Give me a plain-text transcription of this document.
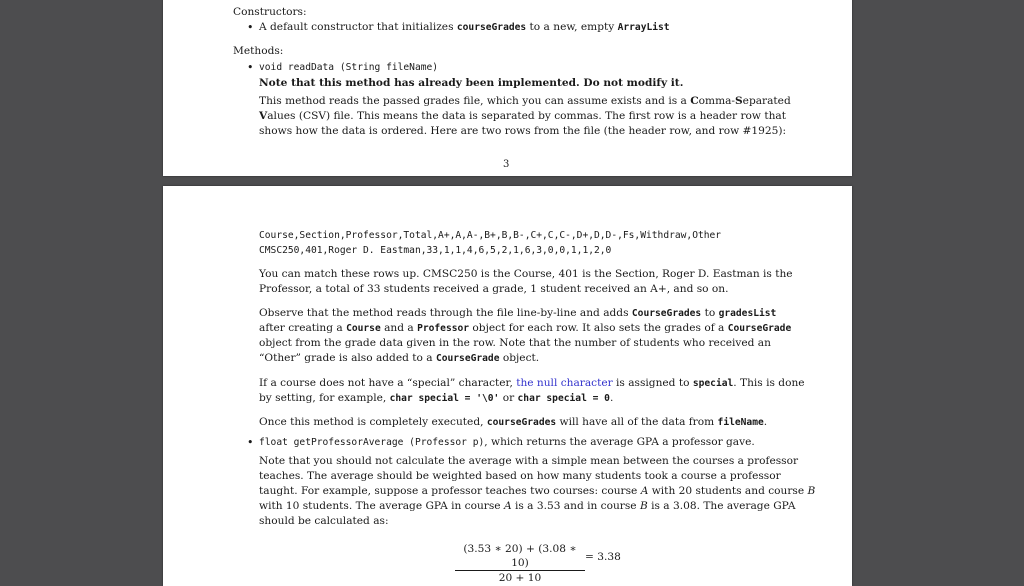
Constructors:
• A default constructor that initializes courseGrades to a new, empty ArrayList
Methods:
• void readData (String fileName)
Note that this method has already been implemented. Do not modify it.
This method reads the passed grades file, which you can assume exists and is a Comma-Separated
Values (CSV) file. This means the data is separated by commas. The first row is a header row that
shows how the data is ordered. Here are two rows from the file (the header row, and row #1925):
3
Course,Section,Professor,Total,A+,A,A-,B+,B,B-,C+,C,C-,D+,D,D-,Fs,Withdraw,Other
CMSC250,401,Roger D. Eastman,33,1,1,4,6,5,2,1,6,3,0,0,1,1,2,0
You can match these rows up. CMSC250 is the Course, 401 is the Section, Roger D. Eastman is the
Professor, a total of 33 students received a grade, 1 student received an A+, and so on.
Observe that the method reads through the file line-by-line and adds CourseGrades to gradesList
after creating a Course and a Professor object for each row. It also sets the grades of a CourseGrade
object from the grade data given in the row. Note that the number of students who received an
“Other” grade is also added to a CourseGrade object.
If a course does not have a “special” character, the null character is assigned to special. This is done
by setting, for example, char special = '\0' or char special = 0.
Once this method is completely executed, courseGrades will have all of the data from fileName.
• float getProfessorAverage (Professor p), which returns the average GPA a professor gave.
Note that you should not calculate the average with a simple mean between the courses a professor
teaches. The average should be weighted based on how many students took a course a professor
taught. For example, suppose a professor teaches two courses: course A with 20 students and course B
with 10 students. The average GPA in course A is a 3.53 and in course B is a 3.08. The average GPA
should be calculated as:
$\frac{(3.53 ∗ 20) + (3.08 ∗ 10)}{20 + 10} = 3.38$
